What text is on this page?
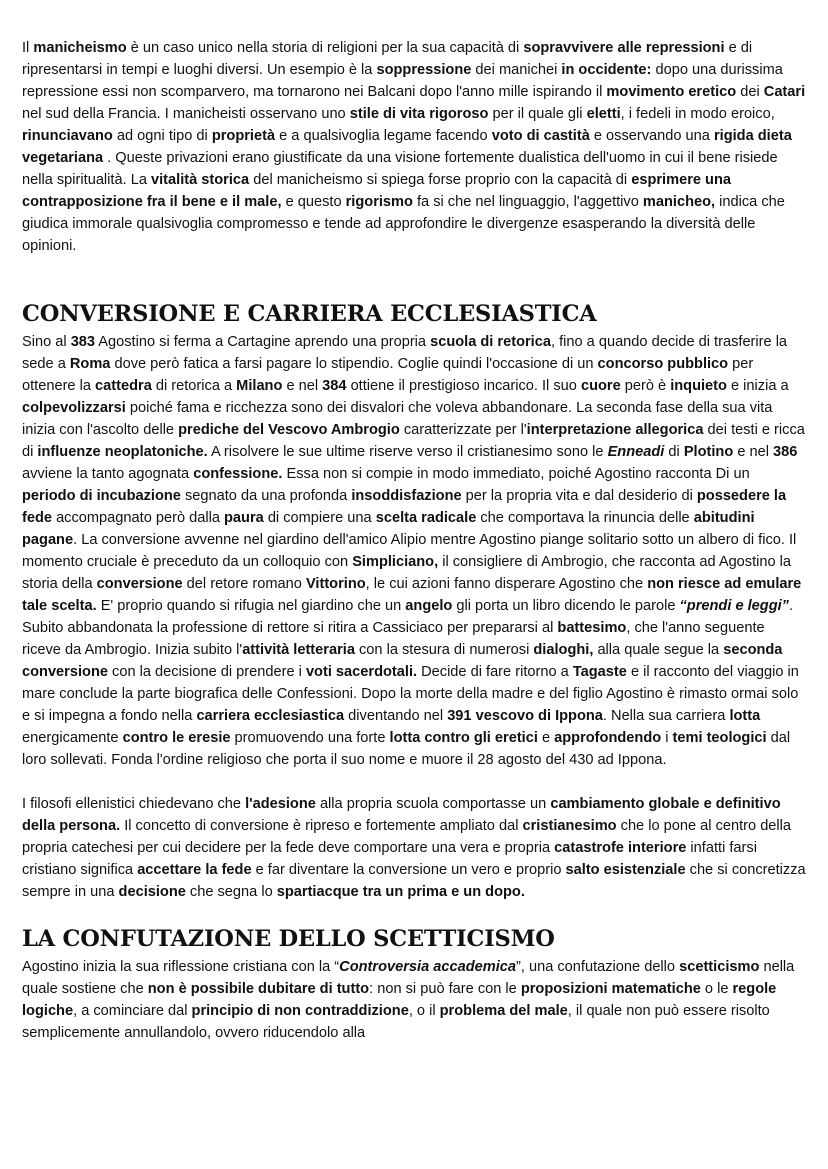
Il manicheismo è un caso unico nella storia di religioni per la sua capacità di sopravvivere alle repressioni e di ripresentarsi in tempi e luoghi diversi. Un esempio è la soppressione dei manichei in occidente: dopo una durissima repressione essi non scomparvero, ma tornarono nei Balcani dopo l'anno mille ispirando il movimento eretico dei Catari nel sud della Francia. I manicheisti osservano uno stile di vita rigoroso per il quale gli eletti, i fedeli in modo eroico, rinunciavano ad ogni tipo di proprietà e a qualsivoglia legame facendo voto di castità e osservando una rigida dieta vegetariana . Queste privazioni erano giustificate da una visione fortemente dualistica dell'uomo in cui il bene risiede nella spiritualità. La vitalità storica del manicheismo si spiega forse proprio con la capacità di esprimere una contrapposizione fra il bene e il male, e questo rigorismo fa si che nel linguaggio, l'aggettivo manicheo, indica che giudica immorale qualsivoglia compromesso e tende ad approfondire le divergenze esasperando la diversità delle opinioni.

CONVERSIONE E CARRIERA ECCLESIASTICA

Sino al 383 Agostino si ferma a Cartagine aprendo una propria scuola di retorica, fino a quando decide di trasferire la sede a Roma dove però fatica a farsi pagare lo stipendio. Coglie quindi l'occasione di un concorso pubblico per ottenere la cattedra di retorica a Milano e nel 384 ottiene il prestigioso incarico. Il suo cuore però è inquieto e inizia a colpevolizzarsi poiché fama e ricchezza sono dei disvalori che voleva abbandonare. La seconda fase della sua vita inizia con l'ascolto delle prediche del Vescovo Ambrogio caratterizzate per l'interpretazione allegorica dei testi e ricca di influenze neoplatoniche. A risolvere le sue ultime riserve verso il cristianesimo sono le Enneadi di Plotino e nel 386 avviene la tanto agognata confessione. Essa non si compie in modo immediato, poiché Agostino racconta Di un periodo di incubazione segnato da una profonda insoddisfazione per la propria vita e dal desiderio di possedere la fede accompagnato però dalla paura di compiere una scelta radicale che comportava la rinuncia delle abitudini pagane. La conversione avvenne nel giardino dell'amico Alipio mentre Agostino piange solitario sotto un albero di fico. Il momento cruciale è preceduto da un colloquio con Simpliciano, il consigliere di Ambrogio, che racconta ad Agostino la storia della conversione del retore romano Vittorino, le cui azioni fanno disperare Agostino che non riesce ad emulare tale scelta. E' proprio quando si rifugia nel giardino che un angelo gli porta un libro dicendo le parole “prendi e leggi”. Subito abbandonata la professione di rettore si ritira a Cassiciaco per prepararsi al battesimo, che l'anno seguente riceve da Ambrogio. Inizia subito l'attività letteraria con la stesura di numerosi dialoghi, alla quale segue la seconda conversione con la decisione di prendere i voti sacerdotali. Decide di fare ritorno a Tagaste e il racconto del viaggio in mare conclude la parte biografica delle Confessioni. Dopo la morte della madre e del figlio Agostino è rimasto ormai solo e si impegna a fondo nella carriera ecclesiastica diventando nel 391 vescovo di Ippona. Nella sua carriera lotta energicamente contro le eresie promuovendo una forte lotta contro gli eretici e approfondendo i temi teologici dal loro sollevati. Fonda l'ordine religioso che porta il suo nome e muore il 28 agosto del 430 ad Ippona.

I filosofi ellenistici chiedevano che l'adesione alla propria scuola comportasse un cambiamento globale e definitivo della persona. Il concetto di conversione è ripreso e fortemente ampliato dal cristianesimo che lo pone al centro della propria catechesi per cui decidere per la fede deve comportare una vera e propria catastrofe interiore infatti farsi cristiano significa accettare la fede e far diventare la conversione un vero e proprio salto esistenziale che si concretizza sempre in una decisione che segna lo spartiacque tra un prima e un dopo.

LA CONFUTAZIONE DELLO SCETTICISMO

Agostino inizia la sua riflessione cristiana con la “Controversia accademica”, una confutazione dello scetticismo nella quale sostiene che non è possibile dubitare di tutto: non si può fare con le proposizioni matematiche o le regole logiche, a cominciare dal principio di non contraddizione, o il problema del male, il quale non può essere risolto semplicemente annullandolo, ovvero riducendolo alla
